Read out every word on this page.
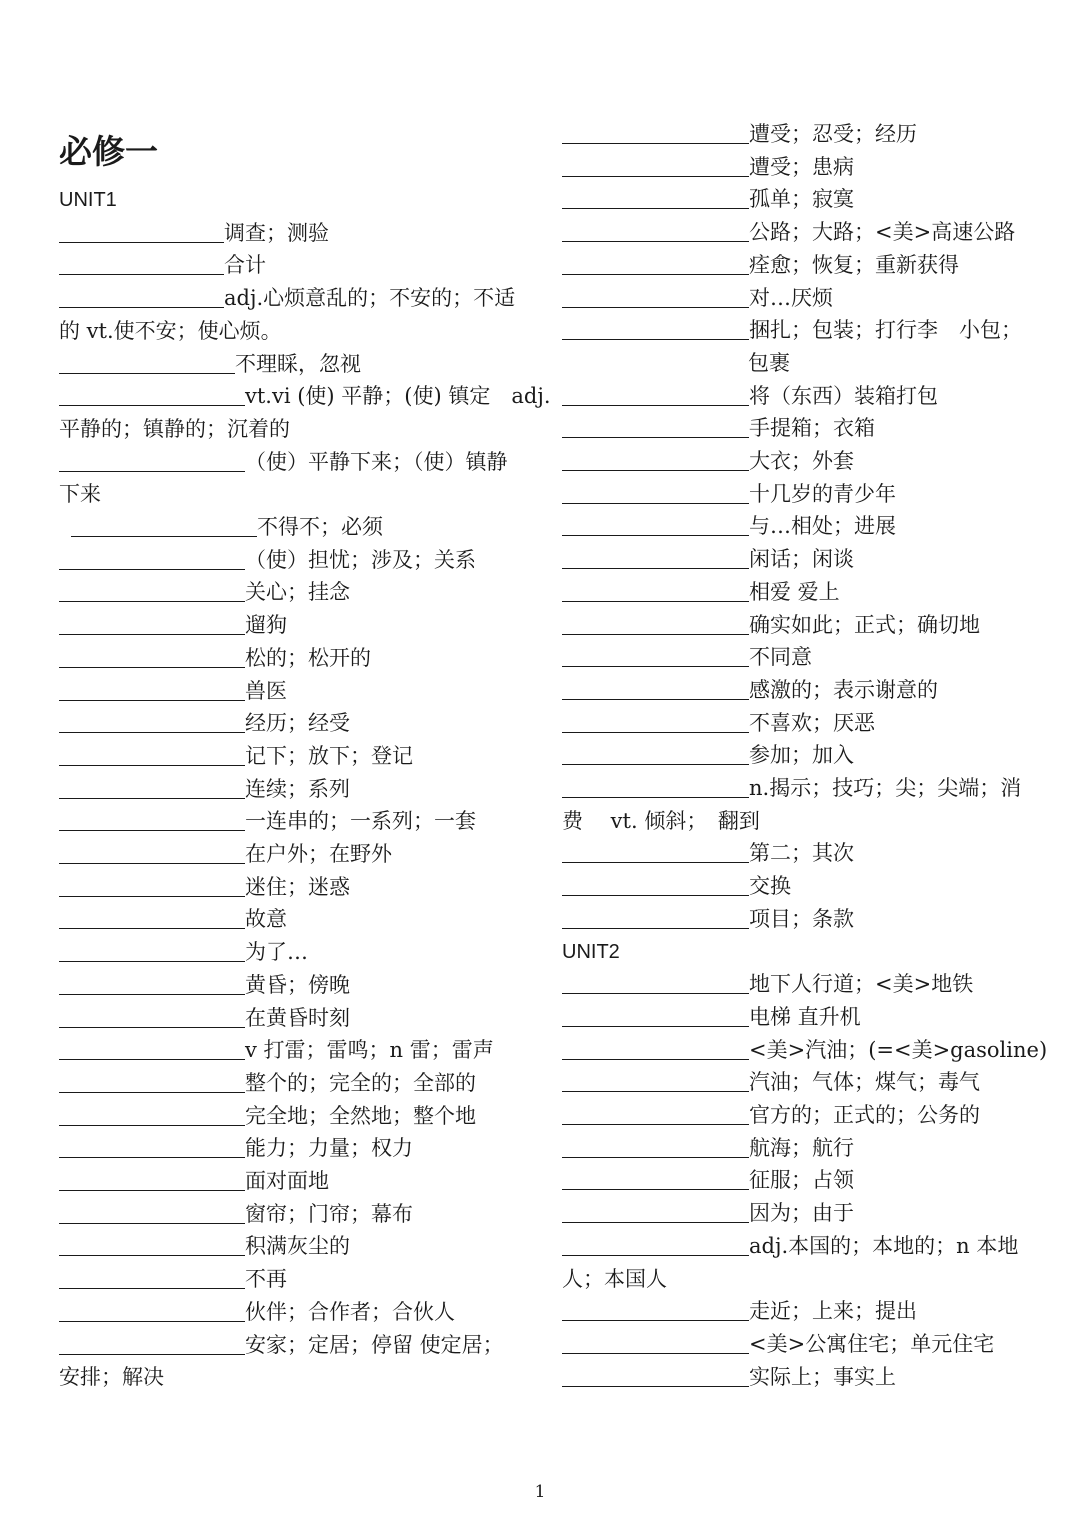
必修一
UNIT1
调查；测验
合计
adj.心烦意乱的；不安的；不适
的 vt.使不安；使心烦。
不理睬，忽视
vt.vi (使) 平静；(使) 镇定　adj.
平静的；镇静的；沉着的
（使）平静下来；（使）镇静
下来
不得不；必须
（使）担忧；涉及；关系
关心；挂念
遛狗
松的；松开的
兽医
经历；经受
记下；放下；登记
连续；系列
一连串的；一系列；一套
在户外；在野外
迷住；迷惑
故意
为了…
黄昏；傍晚
在黄昏时刻
v 打雷；雷鸣；n 雷；雷声
整个的；完全的；全部的
完全地；全然地；整个地
能力；力量；权力
面对面地
窗帘；门帘；幕布
积满灰尘的
不再
伙伴；合作者；合伙人
安家；定居；停留 使定居；
安排；解决
遭受；忍受；经历
遭受；患病
孤单；寂寞
公路；大路；<美>高速公路
痊愈；恢复；重新获得
对…厌烦
捆扎；包装；打行李　小包；
包裹
将（东西）装箱打包
手提箱；衣箱
大衣；外套
十几岁的青少年
与…相处；进展
闲话；闲谈
相爱 爱上
确实如此；正式；确切地
不同意
感激的；表示谢意的
不喜欢；厌恶
参加；加入
n.揭示；技巧；尖；尖端；消
费　 vt. 倾斜；　翻到
第二；其次
交换
项目；条款
UNIT2
地下人行道；<美>地铁
电梯 直升机
<美>汽油；(=<美>gasoline)
汽油；气体；煤气；毒气
官方的；正式的；公务的
航海；航行
征服；占领
因为；由于
adj.本国的；本地的；n 本地
人；本国人
走近；上来；提出
<美>公寓住宅；单元住宅
实际上；事实上
1
